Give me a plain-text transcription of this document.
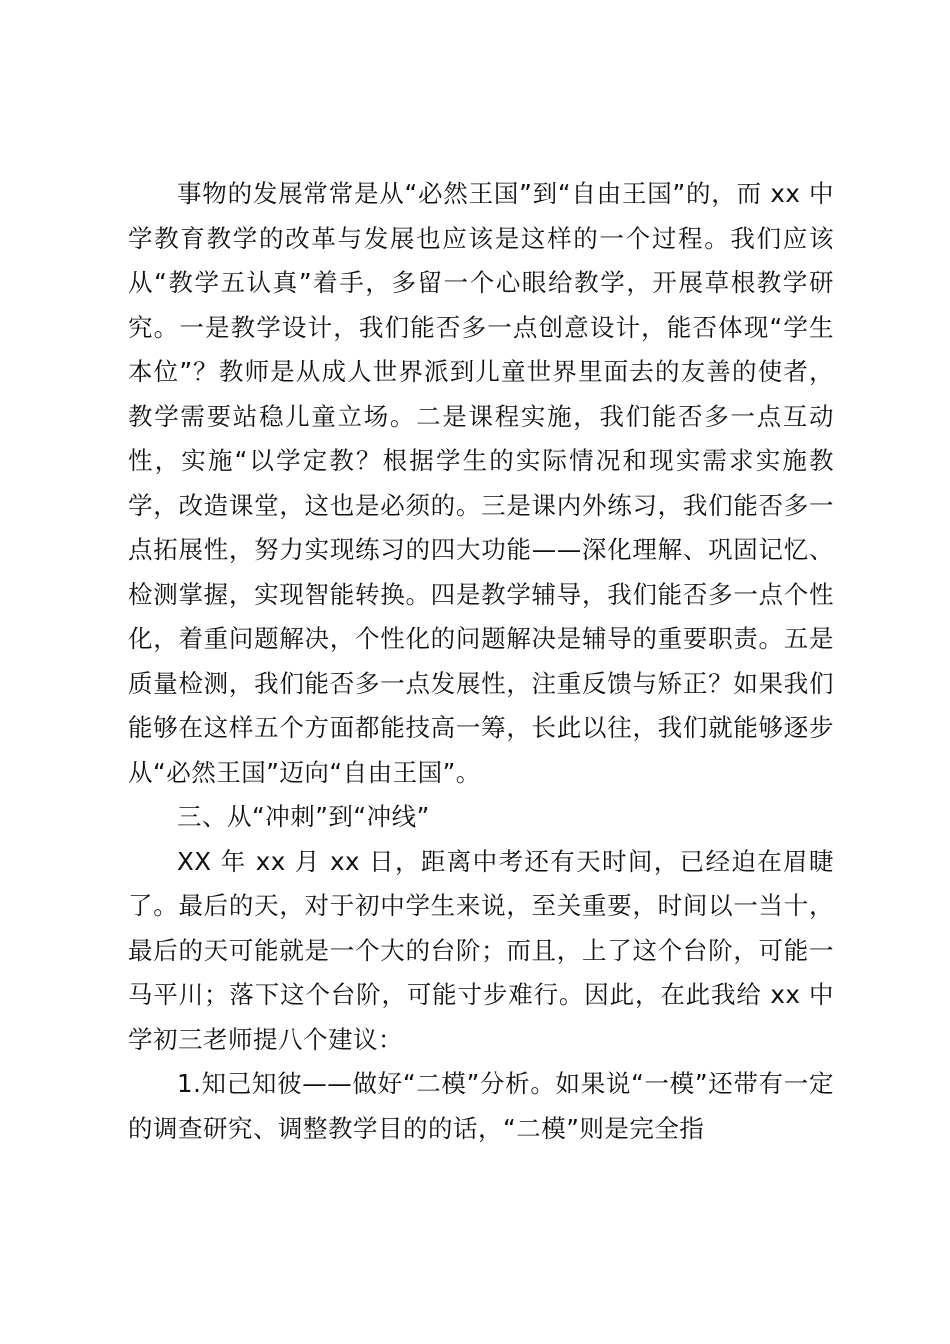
事物的发展常常是从“必然王国”到“自由王国”的，而 xx 中学教育教学的改革与发展也应该是这样的一个过程。我们应该从“教学五认真”着手，多留一个心眼给教学，开展草根教学研究。一是教学设计，我们能否多一点创意设计，能否体现“学生本位”？教师是从成人世界派到儿童世界里面去的友善的使者，教学需要站稳儿童立场。二是课程实施，我们能否多一点互动性，实施“以学定教？根据学生的实际情况和现实需求实施教学，改造课堂，这也是必须的。三是课内外练习，我们能否多一点拓展性，努力实现练习的四大功能——深化理解、巩固记忆、检测掌握，实现智能转换。四是教学辅导，我们能否多一点个性化，着重问题解决，个性化的问题解决是辅导的重要职责。五是质量检测，我们能否多一点发展性，注重反馈与矫正？如果我们能够在这样五个方面都能技高一筹，长此以往，我们就能够逐步从“必然王国”迈向“自由王国”。

三、从“冲刺”到“冲线”

XX 年 xx 月 xx 日，距离中考还有天时间，已经迫在眉睫了。最后的天，对于初中学生来说，至关重要，时间以一当十，最后的天可能就是一个大的台阶；而且，上了这个台阶，可能一马平川；落下这个台阶，可能寸步难行。因此，在此我给 xx 中学初三老师提八个建议：

1.知己知彼——做好“二模”分析。如果说“一模”还带有一定的调查研究、调整教学目的的话，“二模”则是完全指
